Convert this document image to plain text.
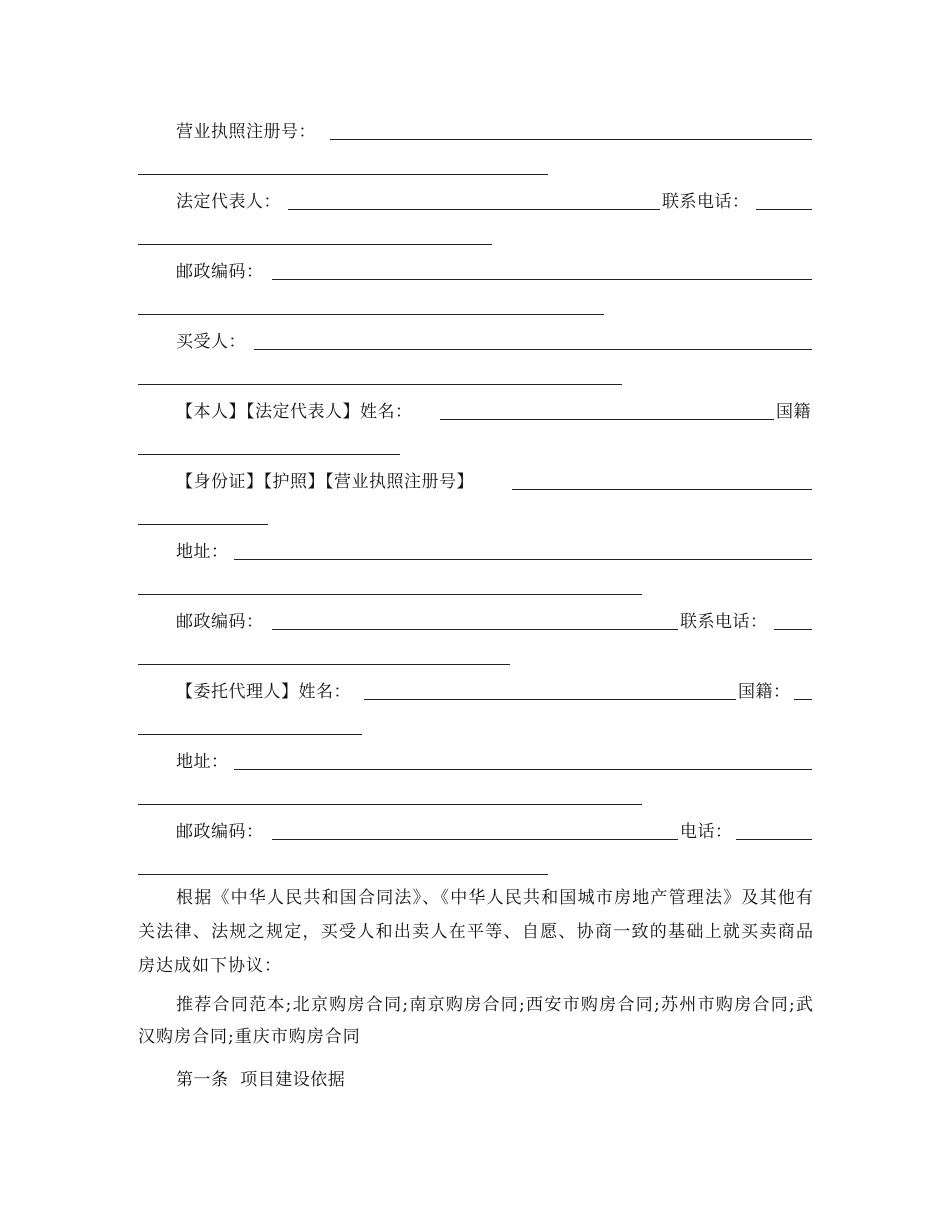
营业执照注册号：
法定代表人：	联系电话：
邮政编码：
买受人：
【本人】【法定代表人】姓名：	国籍
【身份证】【护照】【营业执照注册号】
地址：
邮政编码：	联系电话：
【委托代理人】姓名：	国籍：
地址：
邮政编码：	电话：

根据《中华人民共和国合同法》、《中华人民共和国城市房地产管理法》及其他有关法律、法规之规定，买受人和出卖人在平等、自愿、协商一致的基础上就买卖商品房达成如下协议：

推荐合同范本;北京购房合同;南京购房合同;西安市购房合同;苏州市购房合同;武汉购房合同;重庆市购房合同

第一条  项目建设依据
